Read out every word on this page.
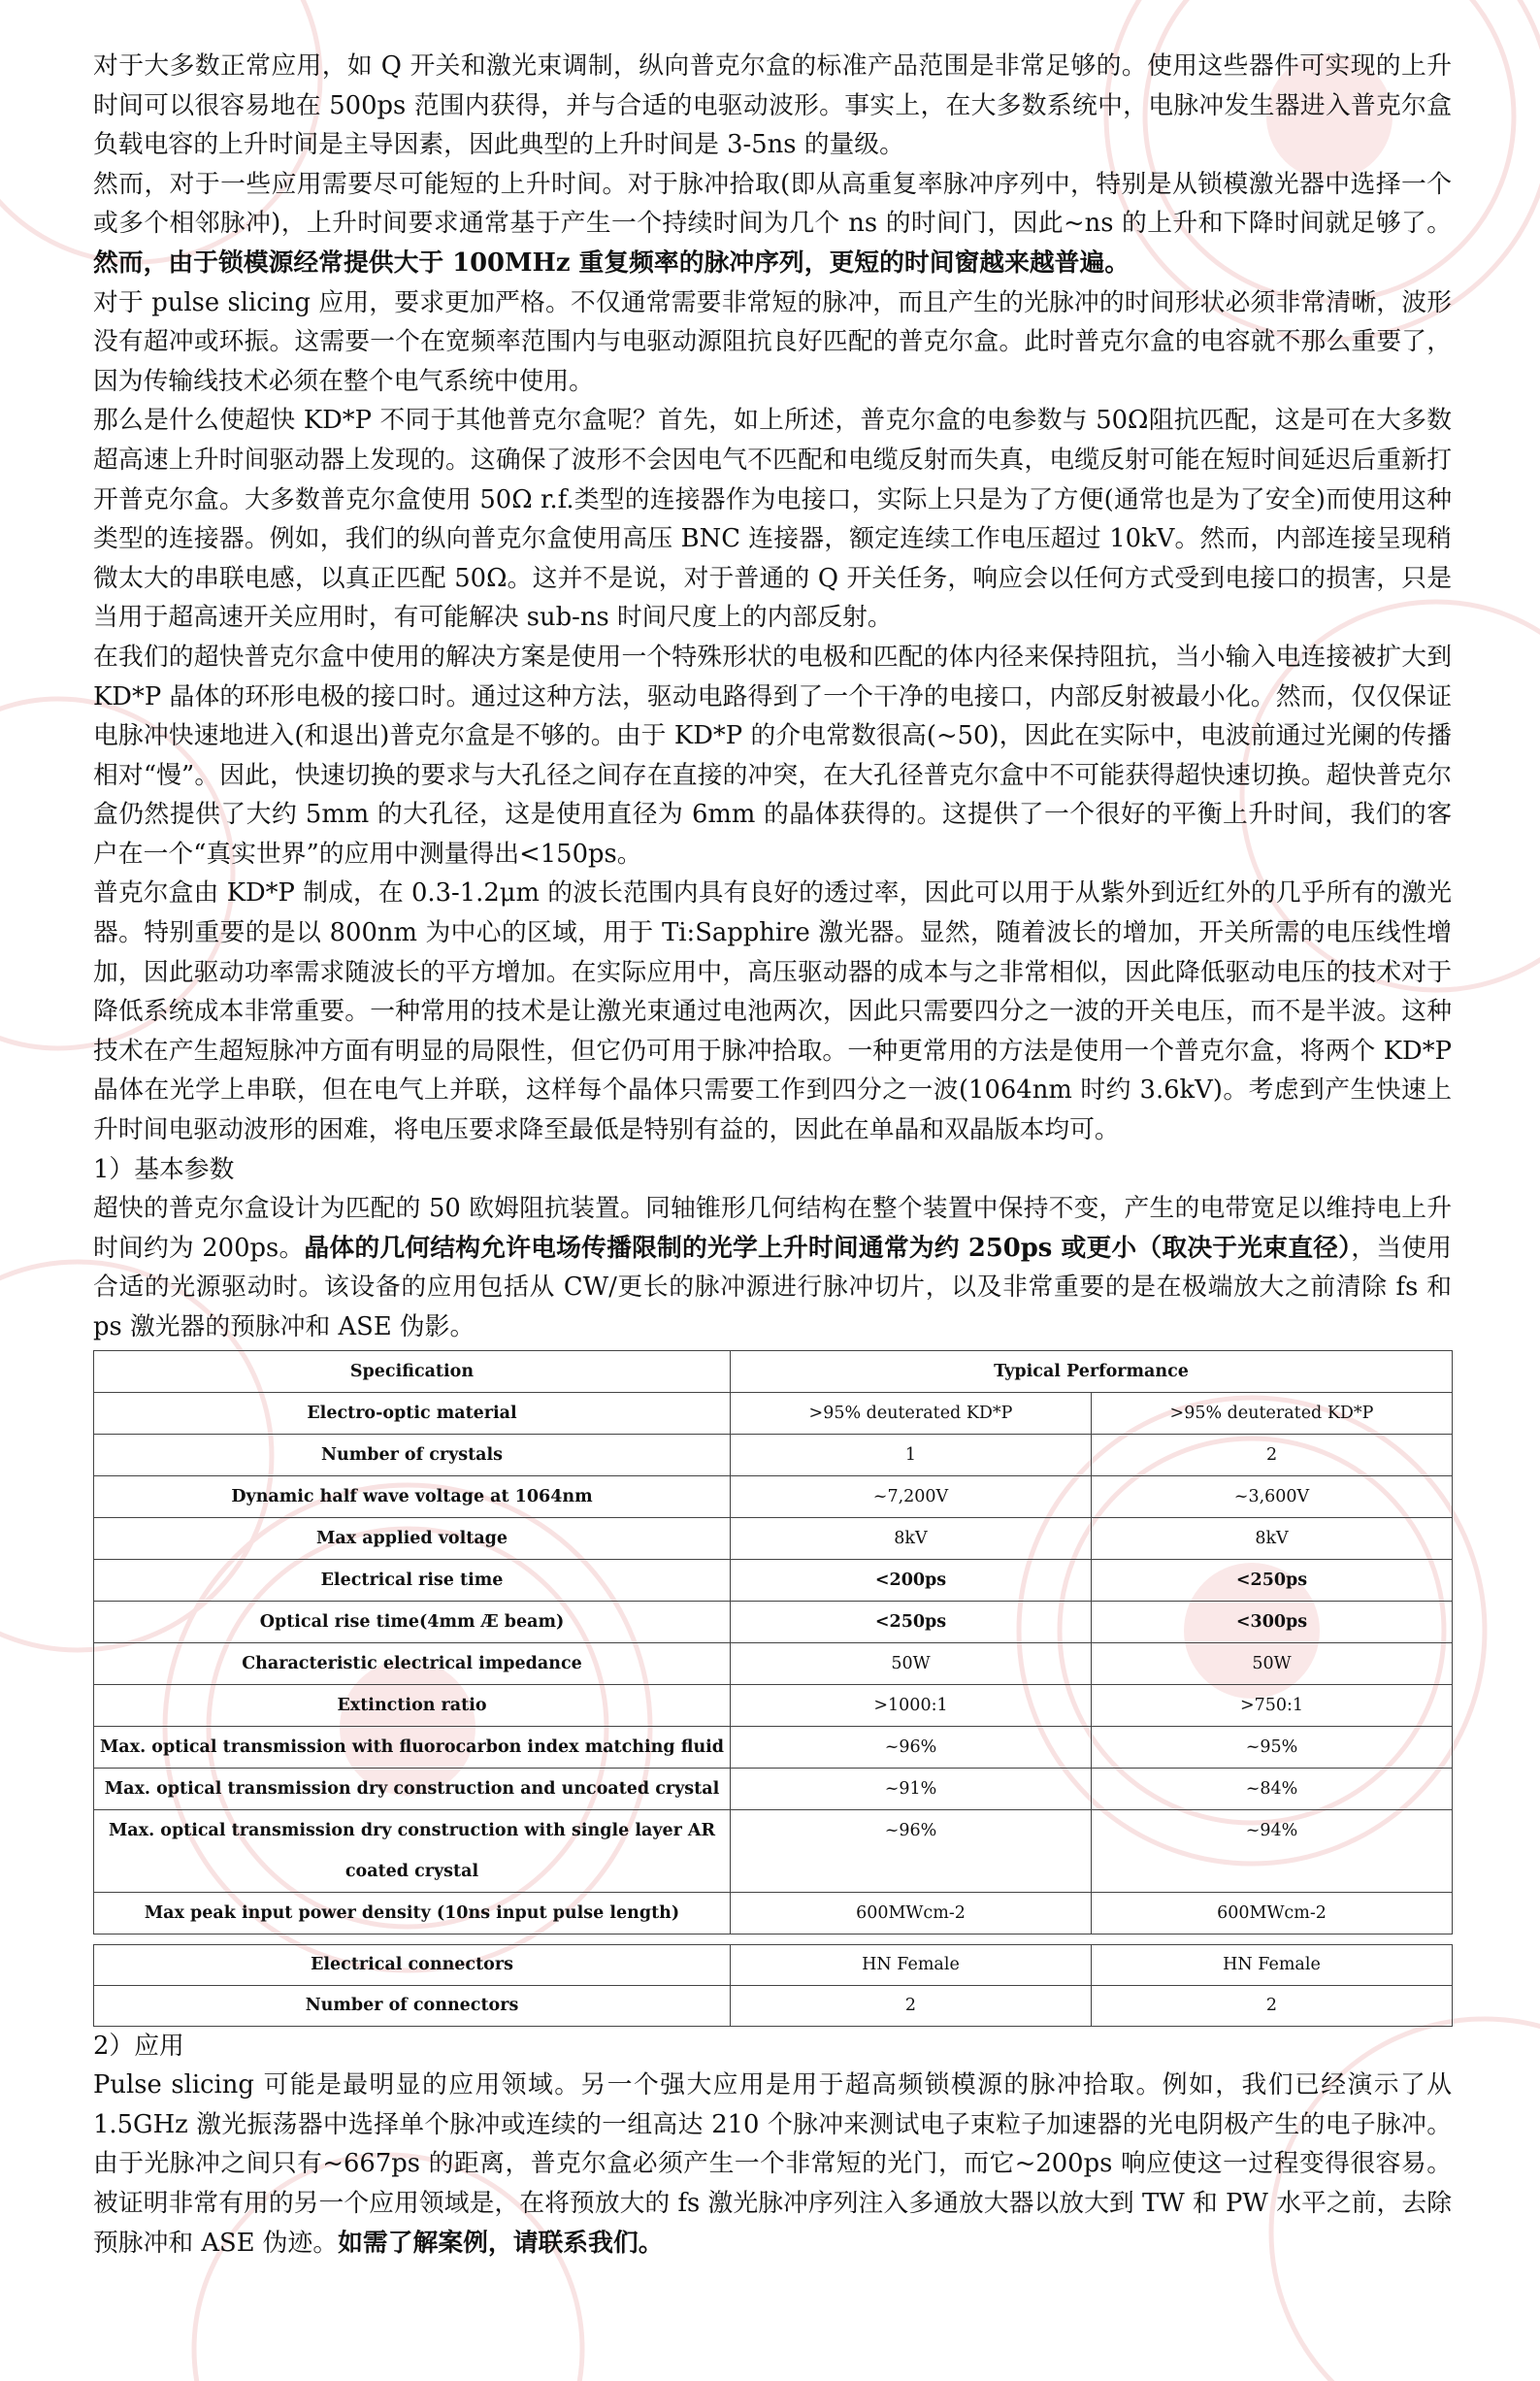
对于大多数正常应用，如 Q 开关和激光束调制，纵向普克尔盒的标准产品范围是非常足够的。使用这些器件可实现的上升时间可以很容易地在 500ps 范围内获得，并与合适的电驱动波形。事实上，在大多数系统中，电脉冲发生器进入普克尔盒负载电容的上升时间是主导因素，因此典型的上升时间是 3-5ns 的量级。

然而，对于一些应用需要尽可能短的上升时间。对于脉冲拾取(即从高重复率脉冲序列中，特别是从锁模激光器中选择一个或多个相邻脉冲)，上升时间要求通常基于产生一个持续时间为几个 ns 的时间门，因此~ns 的上升和下降时间就足够了。然而，由于锁模源经常提供大于 100MHz 重复频率的脉冲序列，更短的时间窗越来越普遍。

对于 pulse slicing 应用，要求更加严格。不仅通常需要非常短的脉冲，而且产生的光脉冲的时间形状必须非常清晰，波形没有超冲或环振。这需要一个在宽频率范围内与电驱动源阻抗良好匹配的普克尔盒。此时普克尔盒的电容就不那么重要了，因为传输线技术必须在整个电气系统中使用。

那么是什么使超快 KD*P 不同于其他普克尔盒呢？首先，如上所述，普克尔盒的电参数与 50Ω阻抗匹配，这是可在大多数超高速上升时间驱动器上发现的。这确保了波形不会因电气不匹配和电缆反射而失真，电缆反射可能在短时间延迟后重新打开普克尔盒。大多数普克尔盒使用 50Ω r.f.类型的连接器作为电接口，实际上只是为了方便(通常也是为了安全)而使用这种类型的连接器。例如，我们的纵向普克尔盒使用高压 BNC 连接器，额定连续工作电压超过 10kV。然而，内部连接呈现稍微太大的串联电感，以真正匹配 50Ω。这并不是说，对于普通的 Q 开关任务，响应会以任何方式受到电接口的损害，只是当用于超高速开关应用时，有可能解决 sub-ns 时间尺度上的内部反射。

在我们的超快普克尔盒中使用的解决方案是使用一个特殊形状的电极和匹配的体内径来保持阻抗，当小输入电连接被扩大到 KD*P 晶体的环形电极的接口时。通过这种方法，驱动电路得到了一个干净的电接口，内部反射被最小化。然而，仅仅保证电脉冲快速地进入(和退出)普克尔盒是不够的。由于 KD*P 的介电常数很高(~50)，因此在实际中，电波前通过光阑的传播相对“慢”。因此，快速切换的要求与大孔径之间存在直接的冲突，在大孔径普克尔盒中不可能获得超快速切换。超快普克尔盒仍然提供了大约 5mm 的大孔径，这是使用直径为 6mm 的晶体获得的。这提供了一个很好的平衡上升时间，我们的客户在一个“真实世界”的应用中测量得出<150ps。

普克尔盒由 KD*P 制成，在 0.3-1.2μm 的波长范围内具有良好的透过率，因此可以用于从紫外到近红外的几乎所有的激光器。特别重要的是以 800nm 为中心的区域，用于 Ti:Sapphire 激光器。显然，随着波长的增加，开关所需的电压线性增加，因此驱动功率需求随波长的平方增加。在实际应用中，高压驱动器的成本与之非常相似，因此降低驱动电压的技术对于降低系统成本非常重要。一种常用的技术是让激光束通过电池两次，因此只需要四分之一波的开关电压，而不是半波。这种技术在产生超短脉冲方面有明显的局限性，但它仍可用于脉冲拾取。一种更常用的方法是使用一个普克尔盒，将两个 KD*P 晶体在光学上串联，但在电气上并联，这样每个晶体只需要工作到四分之一波(1064nm 时约 3.6kV)。考虑到产生快速上升时间电驱动波形的困难，将电压要求降至最低是特别有益的，因此在单晶和双晶版本均可。

1）基本参数

超快的普克尔盒设计为匹配的 50 欧姆阻抗装置。同轴锥形几何结构在整个装置中保持不变，产生的电带宽足以维持电上升时间约为 200ps。晶体的几何结构允许电场传播限制的光学上升时间通常为约 250ps 或更小（取决于光束直径），当使用合适的光源驱动时。该设备的应用包括从 CW/更长的脉冲源进行脉冲切片，以及非常重要的是在极端放大之前清除 fs 和 ps 激光器的预脉冲和 ASE 伪影。

Specification	Typical Performance	
Electro-optic material	>95% deuterated KD*P	>95% deuterated KD*P
Number of crystals	1	2
Dynamic half wave voltage at 1064nm	~7,200V	~3,600V
Max applied voltage	8kV	8kV
Electrical rise time	<200ps	<250ps
Optical rise time(4mm Æ beam)	<250ps	<300ps
Characteristic electrical impedance	50W	50W
Extinction ratio	>1000:1	>750:1
Max. optical transmission with fluorocarbon index matching fluid	~96%	~95%
Max. optical transmission dry construction and uncoated crystal	~91%	~84%
Max. optical transmission dry construction with single layer AR coated crystal	~96%	~94%
Max peak input power density (10ns input pulse length)	600MWcm-2	600MWcm-2
Electrical connectors	HN Female	HN Female
Number of connectors	2	2

2）应用

Pulse slicing 可能是最明显的应用领域。另一个强大应用是用于超高频锁模源的脉冲拾取。例如，我们已经演示了从 1.5GHz 激光振荡器中选择单个脉冲或连续的一组高达 210 个脉冲来测试电子束粒子加速器的光电阴极产生的电子脉冲。由于光脉冲之间只有~667ps 的距离，普克尔盒必须产生一个非常短的光门，而它~200ps 响应使这一过程变得很容易。被证明非常有用的另一个应用领域是，在将预放大的 fs 激光脉冲序列注入多通放大器以放大到 TW 和 PW 水平之前，去除预脉冲和 ASE 伪迹。如需了解案例，请联系我们。
